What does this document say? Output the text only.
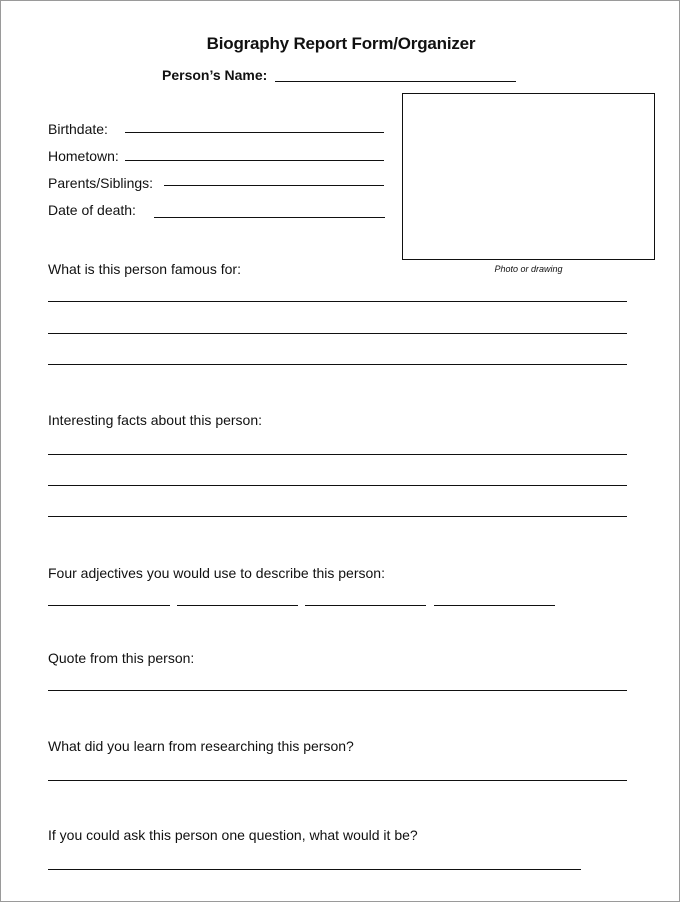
Biography Report Form/Organizer
Person’s Name:
Birthdate:
Hometown:
Parents/Siblings:
Date of death:
Photo or drawing
What is this person famous for:
Interesting facts about this person:
Four adjectives you would use to describe this person:
Quote from this person:
What did you learn from researching this person?
If you could ask this person one question, what would it be?
